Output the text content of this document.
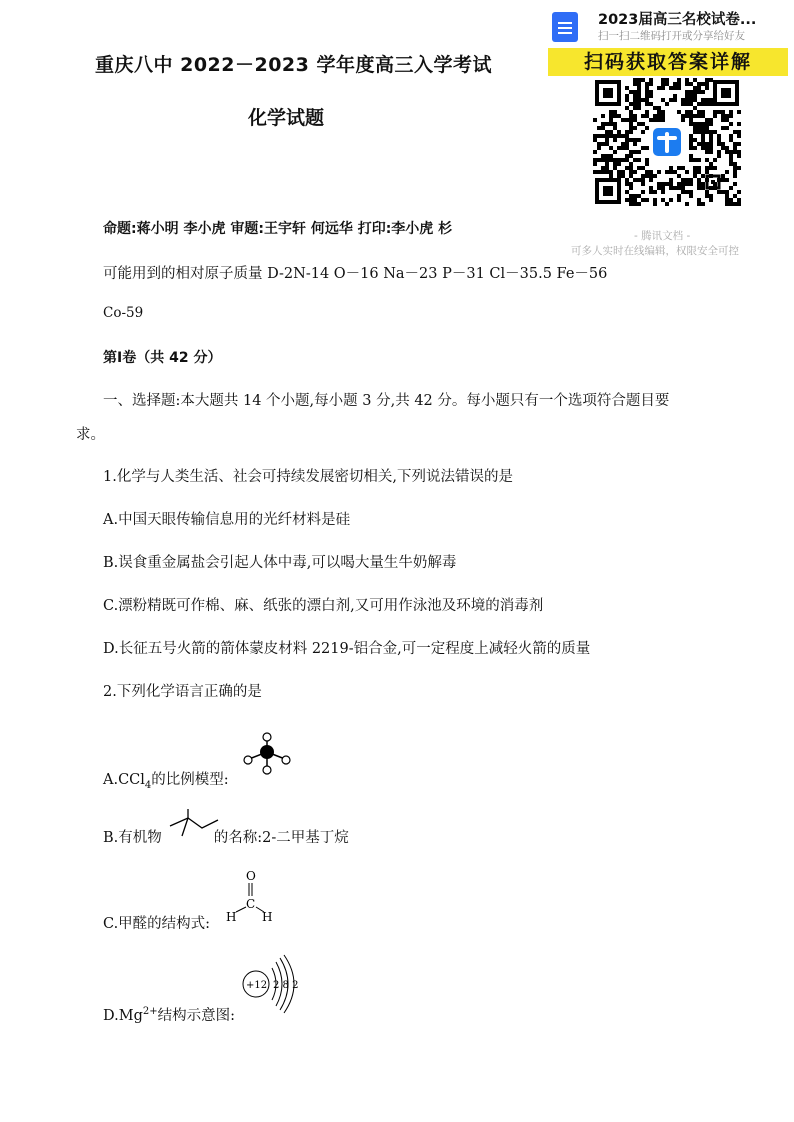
2023届高三名校试卷...
扫一扫二维码打开或分享给好友
扫码获取答案详解
- 腾讯文档 -
可多人实时在线编辑，权限安全可控
重庆八中 2022－2023 学年度高三入学考试
化学试题
命题:蒋小明 李小虎 审题:王宇轩 何远华 打印:李小虎 杉
可能用到的相对原子质量 D-2N-14 O－16 Na－23 P－31 Cl－35.5 Fe－56
Co-59
第Ⅰ卷（共 42 分）
一、选择题:本大题共 14 个小题,每小题 3 分,共 42 分。每小题只有一个选项符合题目要
求。
1.化学与人类生活、社会可持续发展密切相关,下列说法错误的是
A.中国天眼传输信息用的光纤材料是硅
B.误食重金属盐会引起人体中毒,可以喝大量生牛奶解毒
C.漂粉精既可作棉、麻、纸张的漂白剂,又可用作泳池及环境的消毒剂
D.长征五号火箭的箭体蒙皮材料 2219-铝合金,可一定程度上减轻火箭的质量
2.下列化学语言正确的是
A.CCl$_4$的比例模型:
B.有机物	的名称:2-二甲基丁烷
C.甲醛的结构式:
O
C
H H
$D.Mg^{2+}$结构示意图:
+12 2 8 2
